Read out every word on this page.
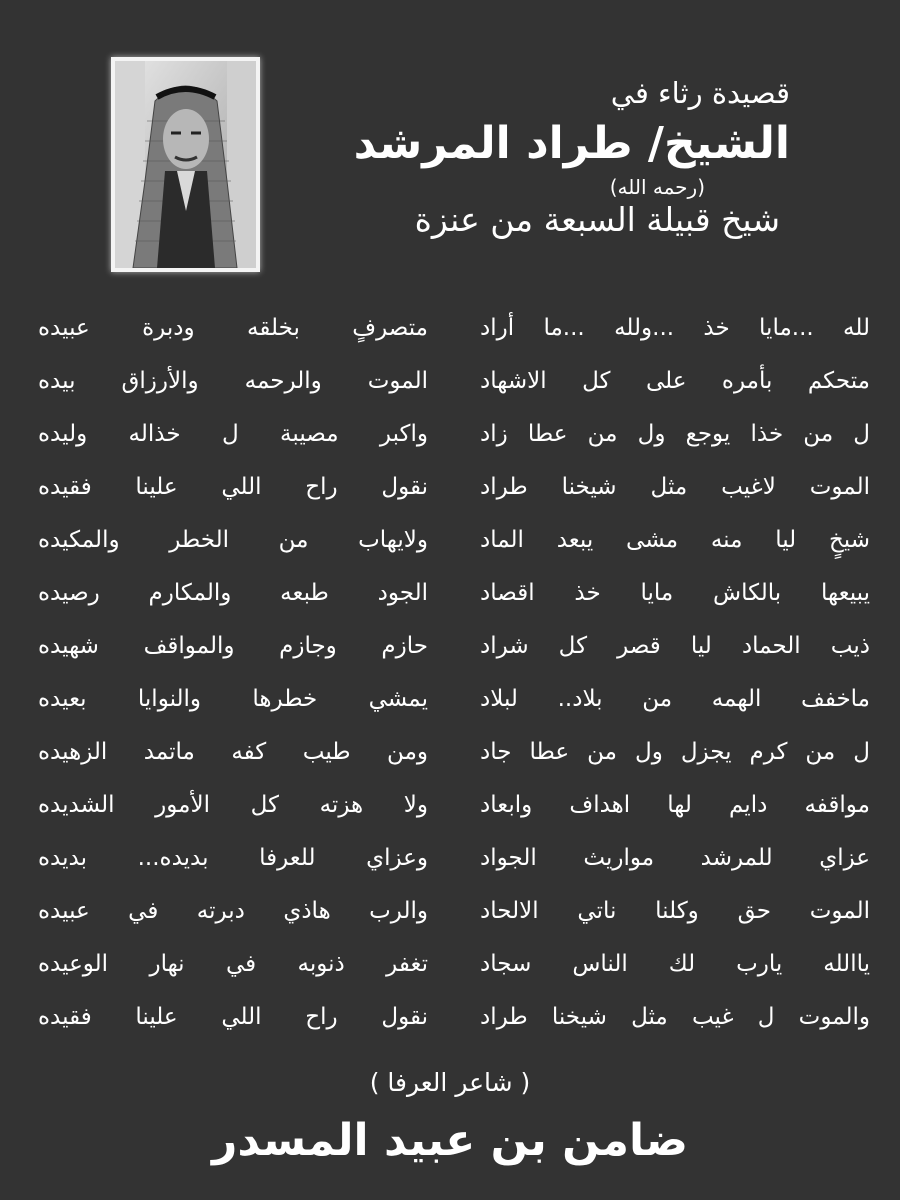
قصيدة رثاء في
الشيخ/ طراد المرشد
(رحمه الله)
شيخ قبيلة السبعة من عنزة
لله ...مايا خذ ...ولله ...ما أراد
متصرفٍ بخلقه ودبرة عبيده
متحكم بأمره على كل الاشهاد
الموت والرحمه والأرزاق بيده
ل من خذا يوجع ول من عطا زاد
واكبر مصيبة ل خذاله وليده
الموت لاغيب مثل شيخنا طراد
نقول راح اللي علينا فقيده
شيخٍ ليا منه مشى يبعد الماد
ولايهاب من الخطر والمكيده
يبيعها بالكاش مايا خذ اقصاد
الجود طبعه والمكارم رصيده
ذيب الحماد ليا قصر كل شراد
حازم وجازم والمواقف شهيده
ماخفف الهمه من بلاد.. لبلاد
يمشي خطرها والنوايا بعيده
ل من كرم يجزل ول من عطا جاد
ومن طيب كفه ماتمد الزهيده
مواقفه دايم لها اهداف وابعاد
ولا هزته كل الأمور الشديده
عزاي للمرشد مواريث الجواد
وعزاي للعرفا بديده... بديده
الموت حق وكلنا ناتي الالحاد
والرب هاذي دبرته في عبيده
ياالله يارب لك الناس سجاد
تغفر ذنوبه في نهار الوعيده
والموت ل غيب مثل شيخنا طراد
نقول راح اللي علينا فقيده
( شاعر العرفا )
ضامن بن عبيد المسدر
